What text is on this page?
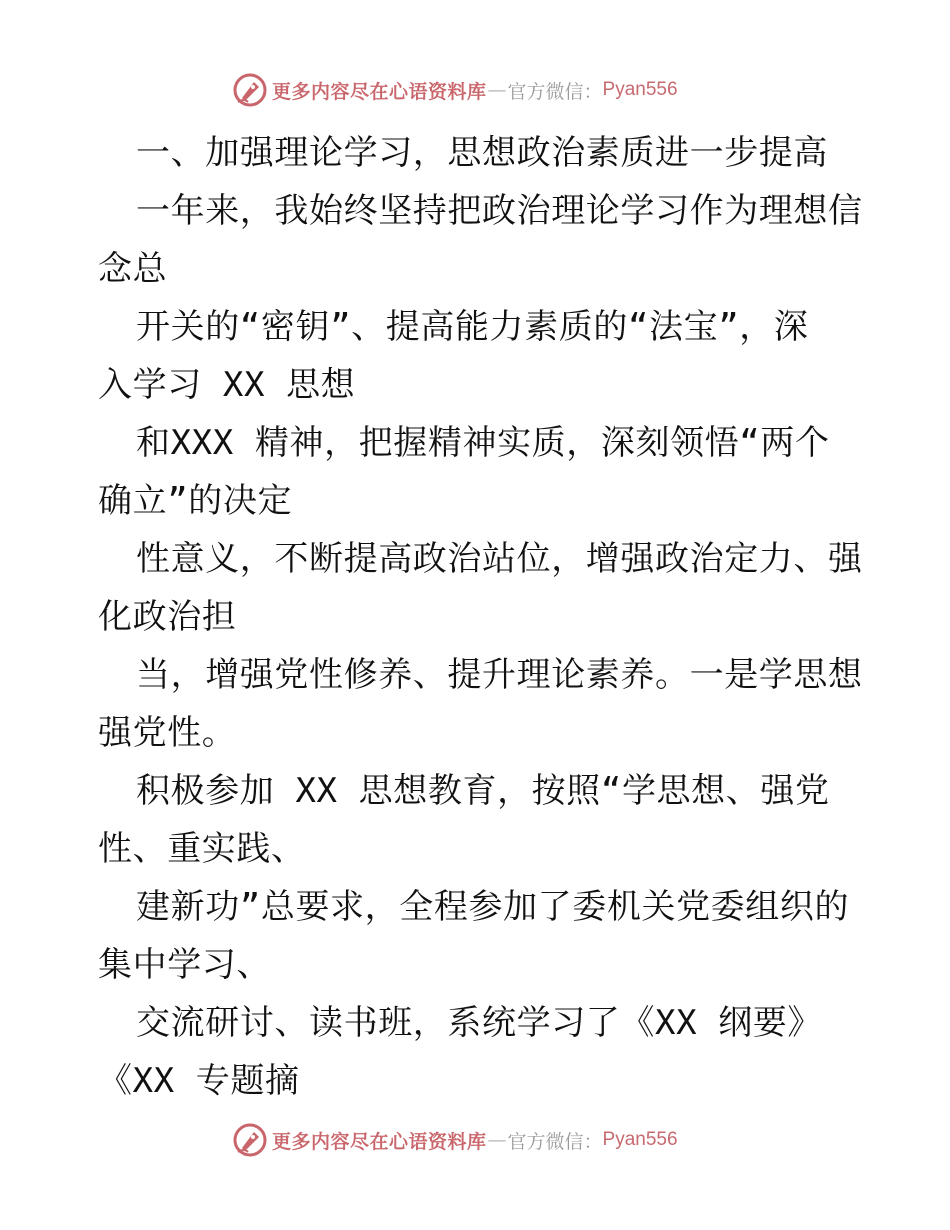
更多内容尽在心语资料库 — 官方微信： Pyan556
一、加强理论学习，思想政治素质进一步提高
一年来，我始终坚持把政治理论学习作为理想信
念总
开关的“密钥”、提高能力素质的“法宝”，深
入学习 XX 思想
和XXX 精神，把握精神实质，深刻领悟“两个
确立”的决定
性意义，不断提高政治站位，增强政治定力、强
化政治担
当，增强党性修养、提升理论素养。一是学思想
强党性。
积极参加 XX 思想教育，按照“学思想、强党
性、重实践、
建新功”总要求，全程参加了委机关党委组织的
集中学习、
交流研讨、读书班，系统学习了《XX 纲要》
《XX 专题摘
更多内容尽在心语资料库 — 官方微信： Pyan556
